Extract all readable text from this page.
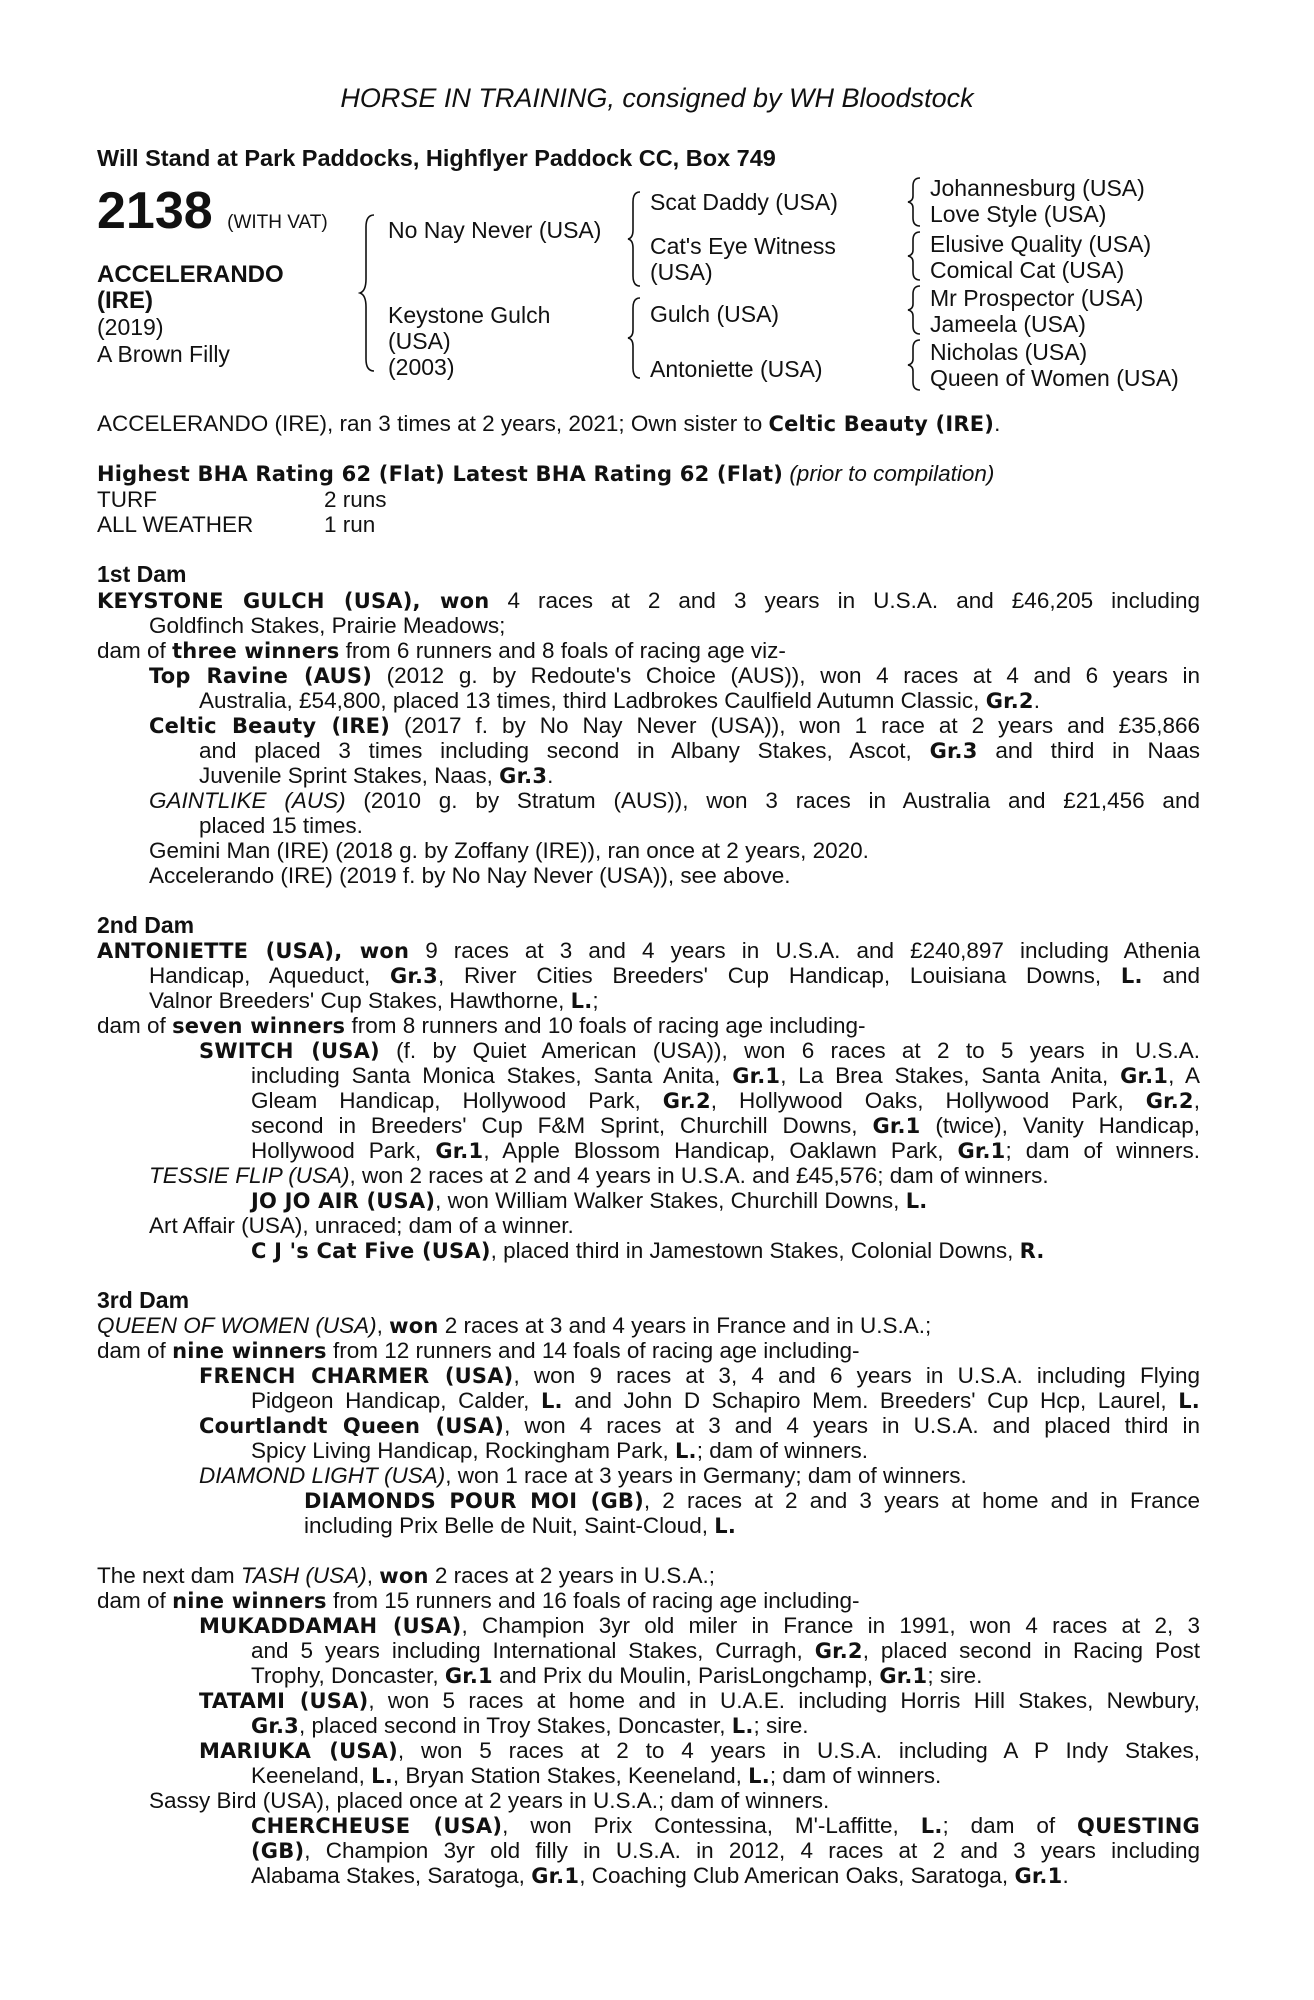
HORSE IN TRAINING, consigned by WH Bloodstock
Will Stand at Park Paddocks, Highflyer Paddock CC, Box 749
2138 (WITH VAT)
ACCELERANDO
(IRE)
(2019)
A Brown Filly
No Nay Never (USA)
Keystone Gulch
(USA)
(2003)
Scat Daddy (USA)
Cat's Eye Witness
(USA)
Gulch (USA)
Antoniette (USA)
Johannesburg (USA)
Love Style (USA)
Elusive Quality (USA)
Comical Cat (USA)
Mr Prospector (USA)
Jameela (USA)
Nicholas (USA)
Queen of Women (USA)
ACCELERANDO (IRE), ran 3 times at 2 years, 2021; Own sister to Celtic Beauty (IRE).
Highest BHA Rating 62 (Flat) Latest BHA Rating 62 (Flat) (prior to compilation)
TURF	2 runs
ALL WEATHER	1 run
1st Dam
KEYSTONE GULCH (USA), won 4 races at 2 and 3 years in U.S.A. and £46,205 including
Goldfinch Stakes, Prairie Meadows;
dam of three winners from 6 runners and 8 foals of racing age viz-
Top Ravine (AUS) (2012 g. by Redoute's Choice (AUS)), won 4 races at 4 and 6 years in
Australia, £54,800, placed 13 times, third Ladbrokes Caulfield Autumn Classic, Gr.2.
Celtic Beauty (IRE) (2017 f. by No Nay Never (USA)), won 1 race at 2 years and £35,866
and placed 3 times including second in Albany Stakes, Ascot, Gr.3 and third in Naas
Juvenile Sprint Stakes, Naas, Gr.3.
GAINTLIKE (AUS) (2010 g. by Stratum (AUS)), won 3 races in Australia and £21,456 and
placed 15 times.
Gemini Man (IRE) (2018 g. by Zoffany (IRE)), ran once at 2 years, 2020.
Accelerando (IRE) (2019 f. by No Nay Never (USA)), see above.
2nd Dam
ANTONIETTE (USA), won 9 races at 3 and 4 years in U.S.A. and £240,897 including Athenia
Handicap, Aqueduct, Gr.3, River Cities Breeders' Cup Handicap, Louisiana Downs, L. and
Valnor Breeders' Cup Stakes, Hawthorne, L.;
dam of seven winners from 8 runners and 10 foals of racing age including-
SWITCH (USA) (f. by Quiet American (USA)), won 6 races at 2 to 5 years in U.S.A.
including Santa Monica Stakes, Santa Anita, Gr.1, La Brea Stakes, Santa Anita, Gr.1, A
Gleam Handicap, Hollywood Park, Gr.2, Hollywood Oaks, Hollywood Park, Gr.2,
second in Breeders' Cup F&M Sprint, Churchill Downs, Gr.1 (twice), Vanity Handicap,
Hollywood Park, Gr.1, Apple Blossom Handicap, Oaklawn Park, Gr.1; dam of winners.
TESSIE FLIP (USA), won 2 races at 2 and 4 years in U.S.A. and £45,576; dam of winners.
JO JO AIR (USA), won William Walker Stakes, Churchill Downs, L.
Art Affair (USA), unraced; dam of a winner.
C J 's Cat Five (USA), placed third in Jamestown Stakes, Colonial Downs, R.
3rd Dam
QUEEN OF WOMEN (USA), won 2 races at 3 and 4 years in France and in U.S.A.;
dam of nine winners from 12 runners and 14 foals of racing age including-
FRENCH CHARMER (USA), won 9 races at 3, 4 and 6 years in U.S.A. including Flying
Pidgeon Handicap, Calder, L. and John D Schapiro Mem. Breeders' Cup Hcp, Laurel, L.
Courtlandt Queen (USA), won 4 races at 3 and 4 years in U.S.A. and placed third in
Spicy Living Handicap, Rockingham Park, L.; dam of winners.
DIAMOND LIGHT (USA), won 1 race at 3 years in Germany; dam of winners.
DIAMONDS POUR MOI (GB), 2 races at 2 and 3 years at home and in France
including Prix Belle de Nuit, Saint-Cloud, L.
The next dam TASH (USA), won 2 races at 2 years in U.S.A.;
dam of nine winners from 15 runners and 16 foals of racing age including-
MUKADDAMAH (USA), Champion 3yr old miler in France in 1991, won 4 races at 2, 3
and 5 years including International Stakes, Curragh, Gr.2, placed second in Racing Post
Trophy, Doncaster, Gr.1 and Prix du Moulin, ParisLongchamp, Gr.1; sire.
TATAMI (USA), won 5 races at home and in U.A.E. including Horris Hill Stakes, Newbury,
Gr.3, placed second in Troy Stakes, Doncaster, L.; sire.
MARIUKA (USA), won 5 races at 2 to 4 years in U.S.A. including A P Indy Stakes,
Keeneland, L., Bryan Station Stakes, Keeneland, L.; dam of winners.
Sassy Bird (USA), placed once at 2 years in U.S.A.; dam of winners.
CHERCHEUSE (USA), won Prix Contessina, M'-Laffitte, L.; dam of QUESTING
(GB), Champion 3yr old filly in U.S.A. in 2012, 4 races at 2 and 3 years including
Alabama Stakes, Saratoga, Gr.1, Coaching Club American Oaks, Saratoga, Gr.1.
